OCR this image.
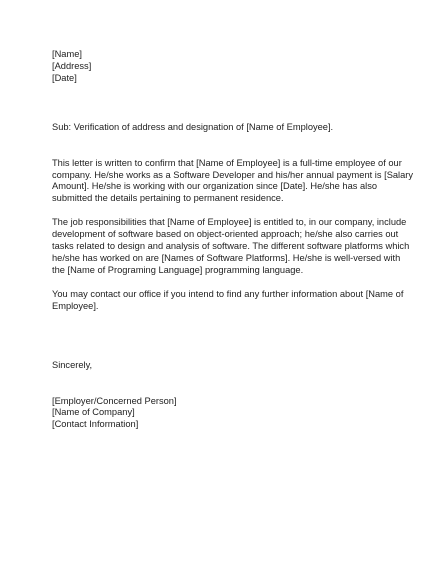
[Name]
[Address]
[Date]
Sub: Verification of address and designation of [Name of Employee].
This letter is written to confirm that [Name of Employee] is a full-time employee of our
company. He/she works as a Software Developer and his/her annual payment is [Salary
Amount]. He/she is working with our organization since [Date]. He/she has also
submitted the details pertaining to permanent residence.
The job responsibilities that [Name of Employee] is entitled to, in our company, include
development of software based on object-oriented approach; he/she also carries out
tasks related to design and analysis of software. The different software platforms which
he/she has worked on are [Names of Software Platforms]. He/she is well-versed with
the [Name of Programing Language] programming language.
You may contact our office if you intend to find any further information about [Name of
Employee].
Sincerely,
[Employer/Concerned Person]
[Name of Company]
[Contact Information]
